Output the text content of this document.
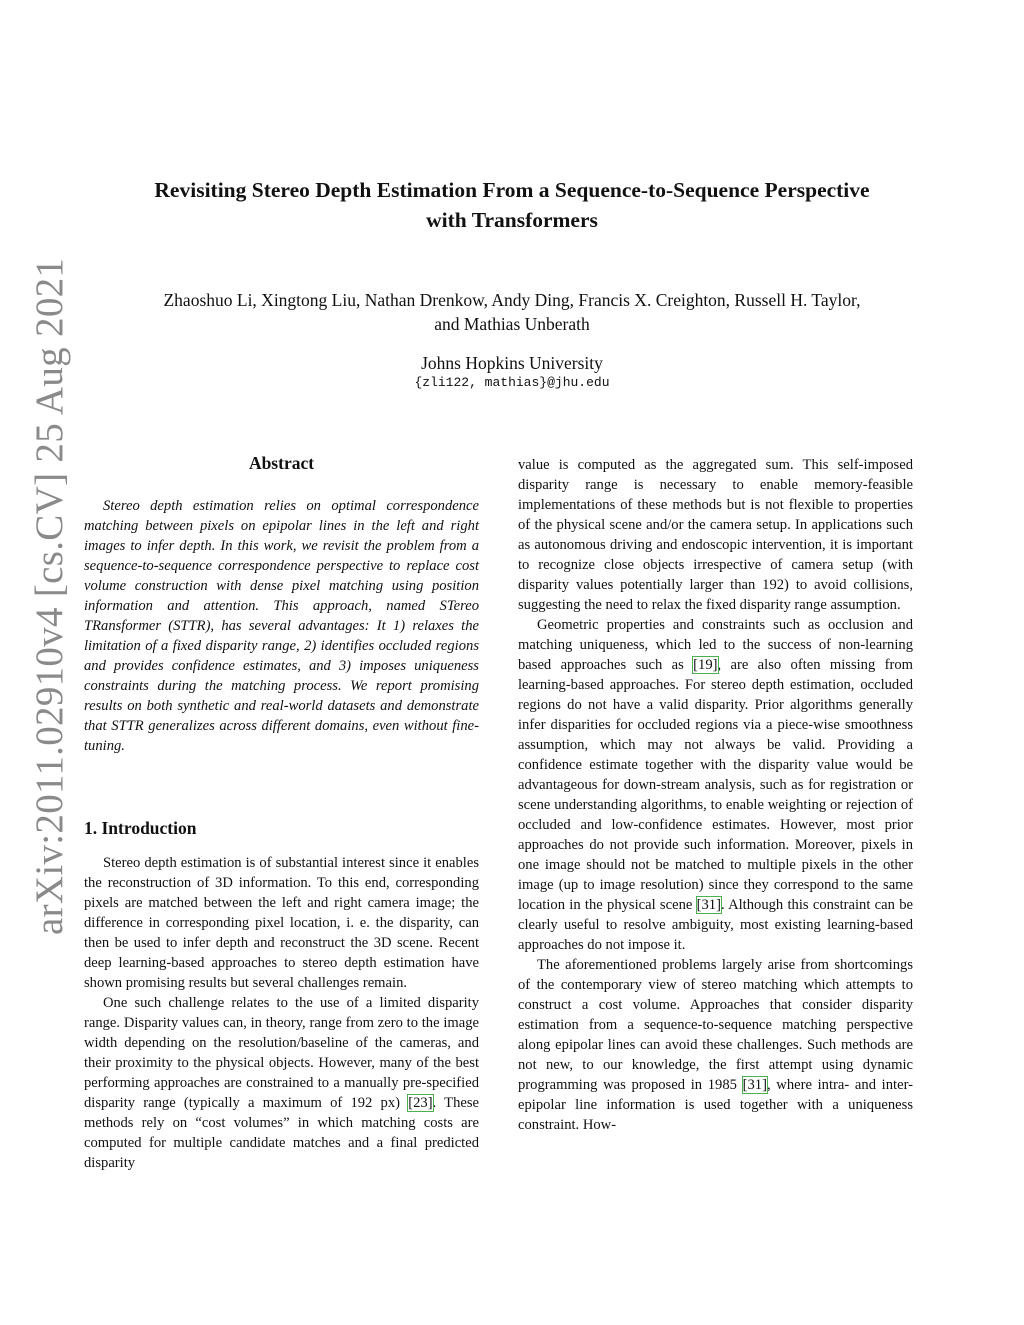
Revisiting Stereo Depth Estimation From a Sequence-to-Sequence Perspective
with Transformers
Zhaoshuo Li, Xingtong Liu, Nathan Drenkow, Andy Ding, Francis X. Creighton, Russell H. Taylor,
and Mathias Unberath
Johns Hopkins University
{zli122, mathias}@jhu.edu
arXiv:2011.02910v4 [cs.CV] 25 Aug 2021	Abstract
Stereo depth estimation relies on optimal correspondence matching between pixels on epipolar lines in the left and right images to infer depth. In this work, we revisit the problem from a sequence-to-sequence correspondence perspective to replace cost volume construction with dense pixel matching using position information and attention. This approach, named STereo TRansformer (STTR), has several advantages: It 1) relaxes the limitation of a fixed disparity range, 2) identifies occluded regions and provides confidence estimates, and 3) imposes uniqueness constraints during the matching process. We report promising results on both synthetic and real-world datasets and demonstrate that STTR generalizes across different domains, even without fine-tuning.
1. Introduction

Stereo depth estimation is of substantial interest since it enables the reconstruction of 3D information. To this end, corresponding pixels are matched between the left and right camera image; the difference in corresponding pixel location, i. e. the disparity, can then be used to infer depth and reconstruct the 3D scene. Recent deep learning-based approaches to stereo depth estimation have shown promising results but several challenges remain.

One such challenge relates to the use of a limited disparity range. Disparity values can, in theory, range from zero to the image width depending on the resolution/baseline of the cameras, and their proximity to the physical objects. However, many of the best performing approaches are constrained to a manually pre-specified disparity range (typically a maximum of 192 px) [23]. These methods rely on “cost volumes” in which matching costs are computed for multiple candidate matches and a final predicted disparity

value is computed as the aggregated sum. This self-imposed disparity range is necessary to enable memory-feasible implementations of these methods but is not flexible to properties of the physical scene and/or the camera setup. In applications such as autonomous driving and endoscopic intervention, it is important to recognize close objects irrespective of camera setup (with disparity values potentially larger than 192) to avoid collisions, suggesting the need to relax the fixed disparity range assumption.

Geometric properties and constraints such as occlusion and matching uniqueness, which led to the success of non-learning based approaches such as [19], are also often missing from learning-based approaches. For stereo depth estimation, occluded regions do not have a valid disparity. Prior algorithms generally infer disparities for occluded regions via a piece-wise smoothness assumption, which may not always be valid. Providing a confidence estimate together with the disparity value would be advantageous for down-stream analysis, such as for registration or scene understanding algorithms, to enable weighting or rejection of occluded and low-confidence estimates. However, most prior approaches do not provide such information. Moreover, pixels in one image should not be matched to multiple pixels in the other image (up to image resolution) since they correspond to the same location in the physical scene [31]. Although this constraint can be clearly useful to resolve ambiguity, most existing learning-based approaches do not impose it.

The aforementioned problems largely arise from shortcomings of the contemporary view of stereo matching which attempts to construct a cost volume. Approaches that consider disparity estimation from a sequence-to-sequence matching perspective along epipolar lines can avoid these challenges. Such methods are not new, to our knowledge, the first attempt using dynamic programming was proposed in 1985 [31], where intra- and inter-epipolar line information is used together with a uniqueness constraint. How-
